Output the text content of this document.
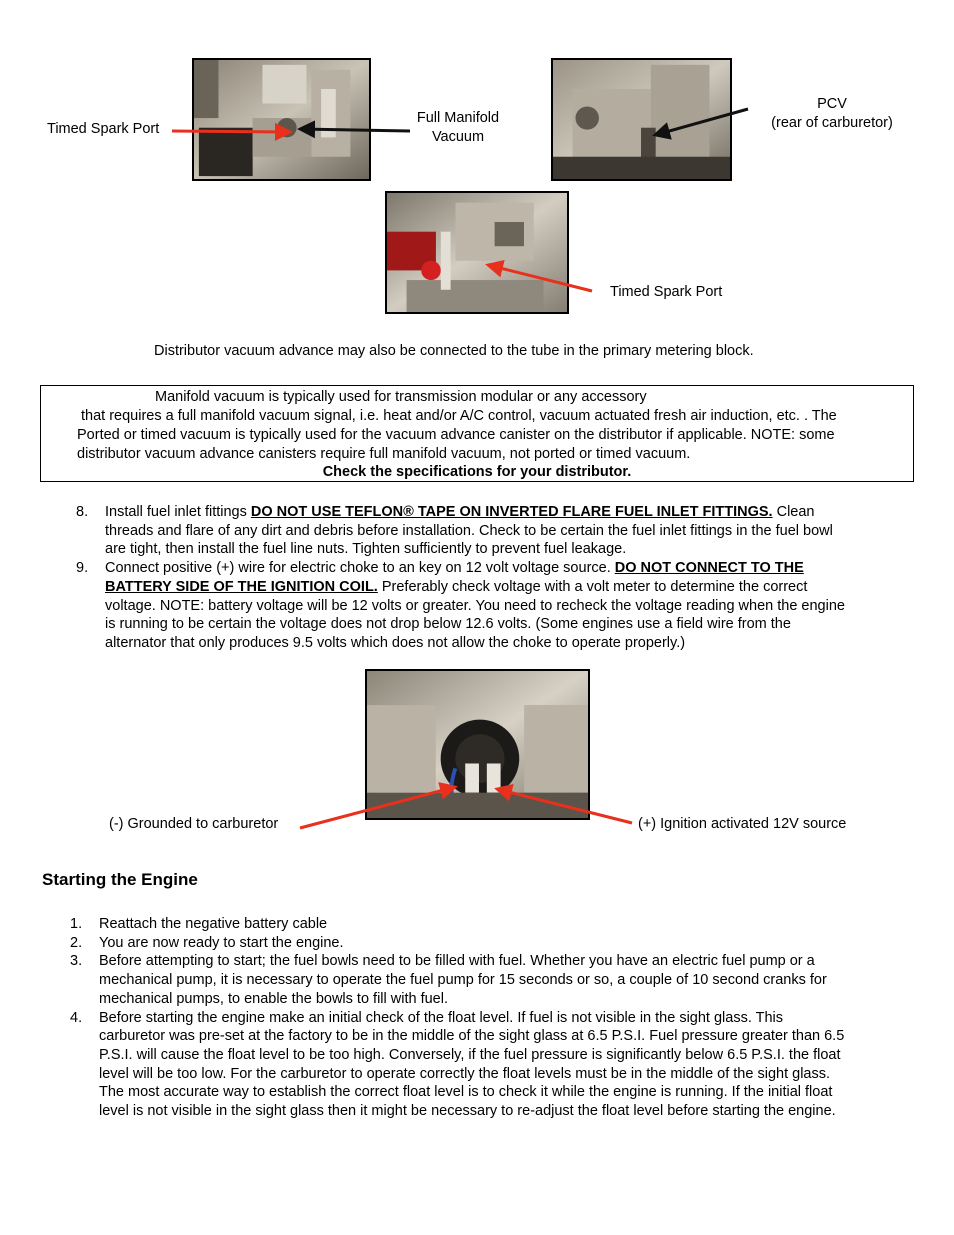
Timed Spark Port
Full Manifold
Vacuum
PCV
(rear of carburetor)
Timed Spark Port
Distributor vacuum advance may also be connected to the tube in the primary metering block.
Manifold vacuum is typically used for transmission modular or any accessory
that requires a full manifold vacuum signal, i.e. heat and/or A/C control, vacuum actuated fresh air induction, etc. . The
Ported or timed vacuum is typically used for the vacuum advance canister on the distributor if applicable. NOTE: some
distributor vacuum advance canisters require full manifold vacuum, not ported or timed vacuum.
Check the specifications for your distributor.
8. Install fuel inlet fittings DO NOT USE TEFLON® TAPE ON INVERTED FLARE FUEL INLET FITTINGS. Clean
threads and flare of any dirt and debris before installation. Check to be certain the fuel inlet fittings in the fuel bowl
are tight, then install the fuel line nuts. Tighten sufficiently to prevent fuel leakage.
9. Connect positive (+) wire for electric choke to an key on 12 volt voltage source. DO NOT CONNECT TO THE
BATTERY SIDE OF THE IGNITION COIL. Preferably check voltage with a volt meter to determine the correct
voltage. NOTE: battery voltage will be 12 volts or greater. You need to recheck the voltage reading when the engine
is running to be certain the voltage does not drop below 12.6 volts. (Some engines use a field wire from the
alternator that only produces 9.5 volts which does not allow the choke to operate properly.)
(-) Grounded to carburetor	(+) Ignition activated 12V source
Starting the Engine
1. Reattach the negative battery cable
2. You are now ready to start the engine.
3. Before attempting to start; the fuel bowls need to be filled with fuel. Whether you have an electric fuel pump or a
mechanical pump, it is necessary to operate the fuel pump for 15 seconds or so, a couple of 10 second cranks for
mechanical pumps, to enable the bowls to fill with fuel.
4. Before starting the engine make an initial check of the float level. If fuel is not visible in the sight glass. This
carburetor was pre-set at the factory to be in the middle of the sight glass at 6.5 P.S.I. Fuel pressure greater than 6.5
P.S.I. will cause the float level to be too high. Conversely, if the fuel pressure is significantly below 6.5 P.S.I. the float
level will be too low. For the carburetor to operate correctly the float levels must be in the middle of the sight glass.
The most accurate way to establish the correct float level is to check it while the engine is running. If the initial float
level is not visible in the sight glass then it might be necessary to re-adjust the float level before starting the engine.
